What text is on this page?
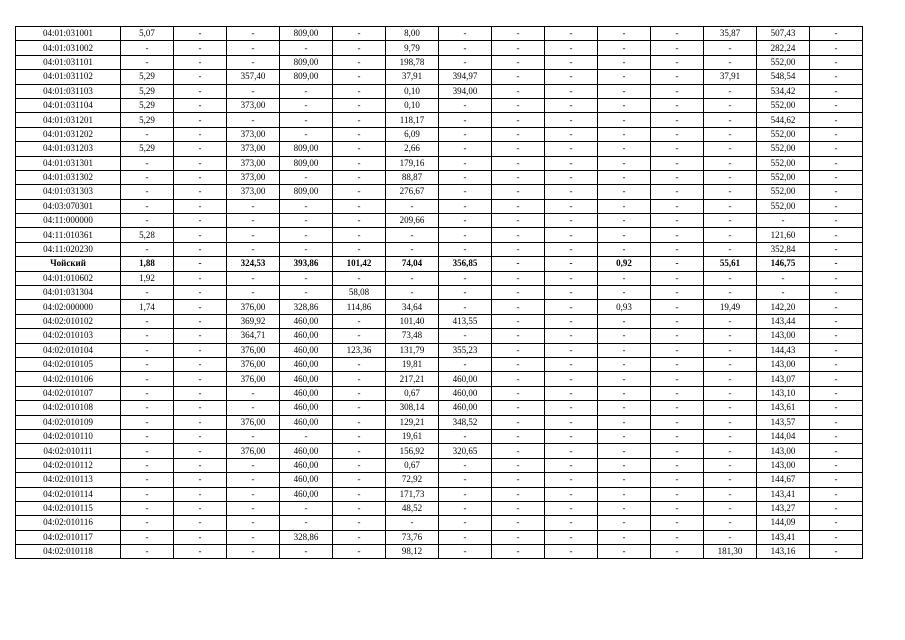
04:01:031001	5,07	-	-	809,00	-	8,00	-	-	-	-	-	35,87	507,43	-
04:01:031002	-	-	-	-	-	9,79	-	-	-	-	-	-	282,24	-
04:01:031101	-	-	-	809,00	-	198,78	-	-	-	-	-	-	552,00	-
04:01:031102	5,29	-	357,40	809,00	-	37,91	394,97	-	-	-	-	37,91	548,54	-
04:01:031103	5,29	-	-	-	-	0,10	394,00	-	-	-	-	-	534,42	-
04:01:031104	5,29	-	373,00	-	-	0,10	-	-	-	-	-	-	552,00	-
04:01:031201	5,29	-	-	-	-	118,17	-	-	-	-	-	-	544,62	-
04:01:031202	-	-	373,00	-	-	6,09	-	-	-	-	-	-	552,00	-
04:01:031203	5,29	-	373,00	809,00	-	2,66	-	-	-	-	-	-	552,00	-
04:01:031301	-	-	373,00	809,00	-	179,16	-	-	-	-	-	-	552,00	-
04:01:031302	-	-	373,00	-	-	88,87	-	-	-	-	-	-	552,00	-
04:01:031303	-	-	373,00	809,00	-	276,67	-	-	-	-	-	-	552,00	-
04:03:070301	-	-	-	-	-	-	-	-	-	-	-	-	552,00	-
04:11:000000	-	-	-	-	-	209,66	-	-	-	-	-	-	-	-
04:11:010361	5,28	-	-	-	-	-	-	-	-	-	-	-	121,60	-
04:11:020230	-	-	-	-	-	-	-	-	-	-	-	-	352,84	-
Чойский	1,88	-	324,53	393,86	101,42	74,04	356,85	-	-	0,92	-	55,61	146,75	-
04:01:010602	1,92	-	-	-	-	-	-	-	-	-	-	-	-	-
04:01:031304	-	-	-	-	58,08	-	-	-	-	-	-	-	-	-
04:02:000000	1,74	-	376,00	328,86	114,86	34,64	-	-	-	0,93	-	19,49	142,20	-
04:02:010102	-	-	369,92	460,00	-	101,40	413,55	-	-	-	-	-	143,44	-
04:02:010103	-	-	364,71	460,00	-	73,48	-	-	-	-	-	-	143,00	-
04:02:010104	-	-	376,00	460,00	123,36	131,79	355,23	-	-	-	-	-	144,43	-
04:02:010105	-	-	376,00	460,00	-	19,81	-	-	-	-	-	-	143,00	-
04:02:010106	-	-	376,00	460,00	-	217,21	460,00	-	-	-	-	-	143,07	-
04:02:010107	-	-	-	460,00	-	0,67	460,00	-	-	-	-	-	143,10	-
04:02:010108	-	-	-	460,00	-	308,14	460,00	-	-	-	-	-	143,61	-
04:02:010109	-	-	376,00	460,00	-	129,21	348,52	-	-	-	-	-	143,57	-
04:02:010110	-	-	-	-	-	19,61	-	-	-	-	-	-	144,04	-
04:02:010111	-	-	376,00	460,00	-	156,92	320,65	-	-	-	-	-	143,00	-
04:02:010112	-	-	-	460,00	-	0,67	-	-	-	-	-	-	143,00	-
04:02:010113	-	-	-	460,00	-	72,92	-	-	-	-	-	-	144,67	-
04:02:010114	-	-	-	460,00	-	171,73	-	-	-	-	-	-	143,41	-
04:02:010115	-	-	-	-	-	48,52	-	-	-	-	-	-	143,27	-
04:02:010116	-	-	-	-	-	-	-	-	-	-	-	-	144,09	-
04:02:010117	-	-	-	328,86	-	73,76	-	-	-	-	-	-	143,41	-
04:02:010118	-	-	-	-	-	98,12	-	-	-	-	-	181,30	143,16	-
